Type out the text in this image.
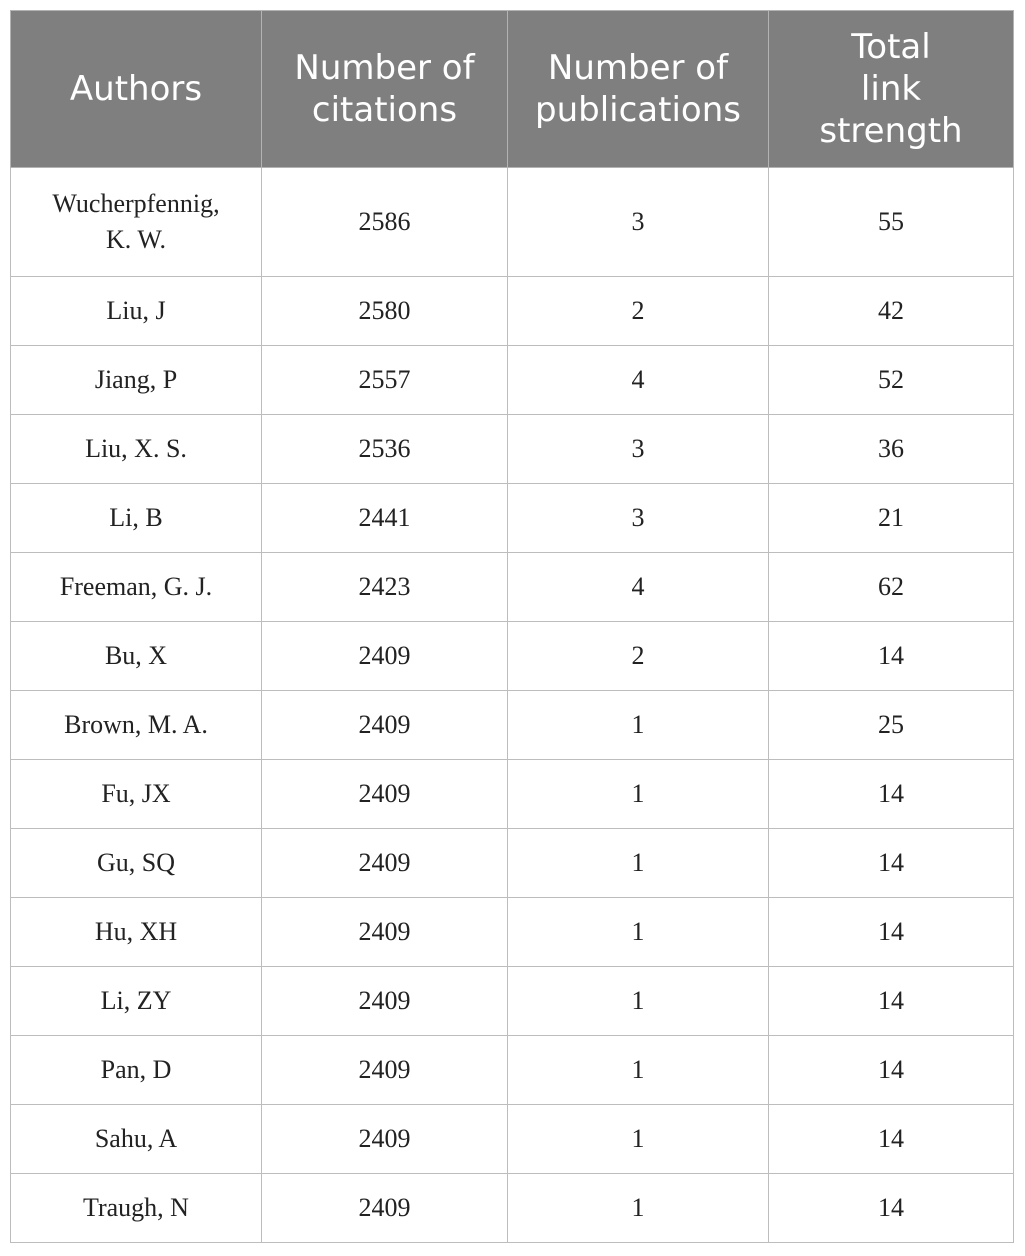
Authors	Number of citations	Number of publications	Total link strength
Wucherpfennig, K. W.	2586	3	55
Liu, J	2580	2	42
Jiang, P	2557	4	52
Liu, X. S.	2536	3	36
Li, B	2441	3	21
Freeman, G. J.	2423	4	62
Bu, X	2409	2	14
Brown, M. A.	2409	1	25
Fu, JX	2409	1	14
Gu, SQ	2409	1	14
Hu, XH	2409	1	14
Li, ZY	2409	1	14
Pan, D	2409	1	14
Sahu, A	2409	1	14
Traugh, N	2409	1	14
